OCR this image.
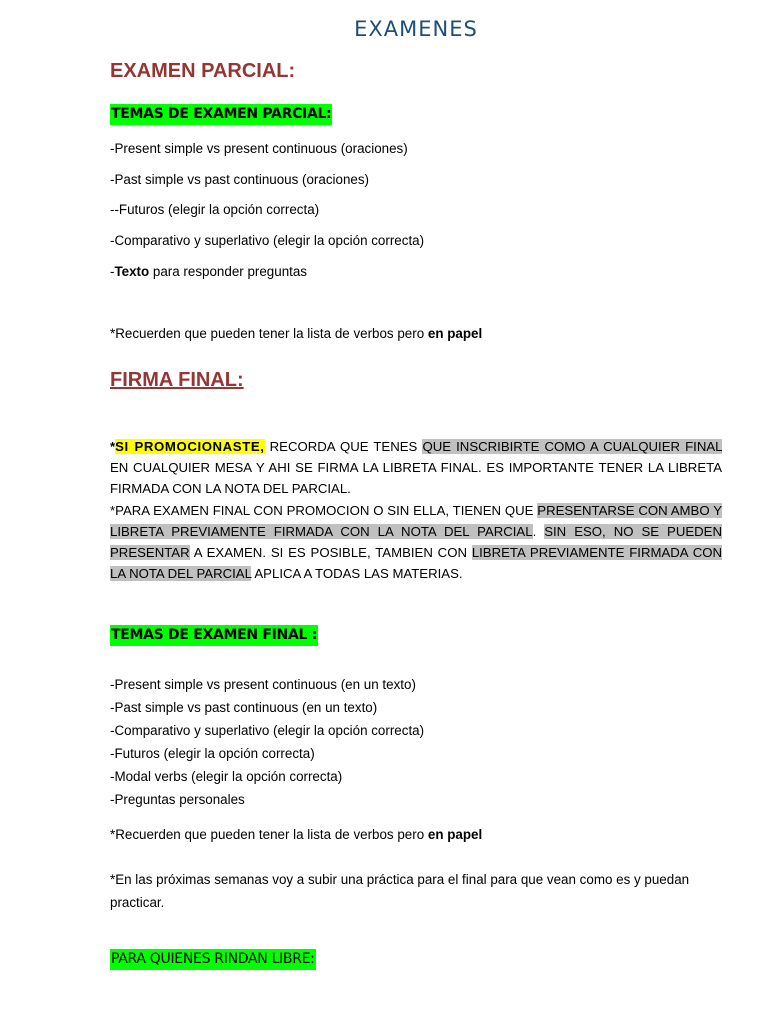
EXAMENES
EXAMEN PARCIAL:
TEMAS DE EXAMEN PARCIAL:
-Present simple vs present continuous (oraciones)
-Past simple vs past continuous (oraciones)
--Futuros (elegir la opción correcta)
-Comparativo y superlativo (elegir la opción correcta)
-Texto para responder preguntas
*Recuerden que pueden tener la lista de verbos pero en papel
FIRMA FINAL:
*SI PROMOCIONASTE, RECORDA QUE TENES QUE INSCRIBIRTE COMO A CUALQUIER FINAL EN CUALQUIER MESA Y AHI SE FIRMA LA LIBRETA FINAL. ES IMPORTANTE TENER LA LIBRETA FIRMADA CON LA NOTA DEL PARCIAL.
*PARA EXAMEN FINAL CON PROMOCION O SIN ELLA, TIENEN QUE PRESENTARSE CON AMBO Y LIBRETA PREVIAMENTE FIRMADA CON LA NOTA DEL PARCIAL. SIN ESO, NO SE PUEDEN PRESENTAR A EXAMEN. SI ES POSIBLE, TAMBIEN CON LIBRETA PREVIAMENTE FIRMADA CON LA NOTA DEL PARCIAL APLICA A TODAS LAS MATERIAS.
TEMAS DE EXAMEN FINAL :
-Present simple vs present continuous (en un texto)
-Past simple vs past continuous (en un texto)
-Comparativo y superlativo (elegir la opción correcta)
-Futuros (elegir la opción correcta)
-Modal verbs (elegir la opción correcta)
-Preguntas personales
*Recuerden que pueden tener la lista de verbos pero en papel
*En las próximas semanas voy a subir una práctica para el final para que vean como es y puedan practicar.
PARA QUIENES RINDAN LIBRE:
